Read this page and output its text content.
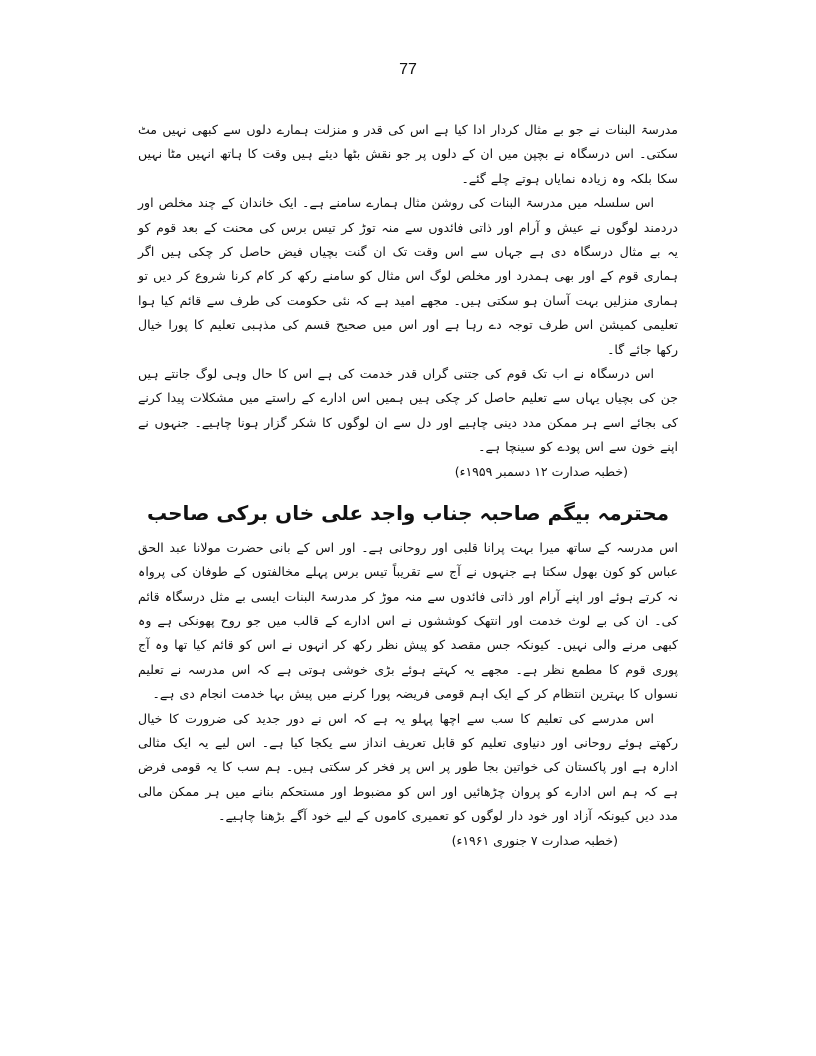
77

مدرسۃ البنات نے جو بے مثال کردار ادا کیا ہے اس کی قدر و منزلت ہمارے دلوں سے کبھی نہیں مٹ سکتی۔ اس درسگاہ نے بچپن میں ان کے دلوں پر جو نقش بٹھا دیئے ہیں وقت کا ہاتھ انہیں مٹا نہیں سکا بلکہ وہ زیادہ نمایاں ہوتے چلے گئے۔

اس سلسلہ میں مدرسۃ البنات کی روشن مثال ہمارے سامنے ہے۔ ایک خاندان کے چند مخلص اور دردمند لوگوں نے عیش و آرام اور ذاتی فائدوں سے منہ توڑ کر تیس برس کی محنت کے بعد قوم کو یہ بے مثال درسگاہ دی ہے جہاں سے اس وقت تک ان گنت بچیاں فیض حاصل کر چکی ہیں اگر ہماری قوم کے اور بھی ہمدرد اور مخلص لوگ اس مثال کو سامنے رکھ کر کام کرنا شروع کر دیں تو ہماری منزلیں بہت آسان ہو سکتی ہیں۔ مجھے امید ہے کہ نئی حکومت کی طرف سے قائم کیا ہوا تعلیمی کمیشن اس طرف توجہ دے رہا ہے اور اس میں صحیح قسم کی مذہبی تعلیم کا پورا خیال رکھا جائے گا۔

اس درسگاہ نے اب تک قوم کی جتنی گراں قدر خدمت کی ہے اس کا حال وہی لوگ جانتے ہیں جن کی بچیاں یہاں سے تعلیم حاصل کر چکی ہیں ہمیں اس ادارے کے راستے میں مشکلات پیدا کرنے کی بجائے اسے ہر ممکن مدد دینی چاہیے اور دل سے ان لوگوں کا شکر گزار ہونا چاہیے۔ جنہوں نے اپنے خون سے اس پودے کو سینچا ہے۔

(خطبہ صدارت ۱۲ دسمبر ۱۹۵۹ء)

محترمہ بیگم صاحبہ جناب واجد علی خاں برکی صاحب

اس مدرسہ کے ساتھ میرا بہت پرانا قلبی اور روحانی ہے۔ اور اس کے بانی حضرت مولانا عبد الحق عباس کو کون بھول سکتا ہے جنہوں نے آج سے تقریباً تیس برس پہلے مخالفتوں کے طوفان کی پرواہ نہ کرتے ہوئے اور اپنے آرام اور ذاتی فائدوں سے منہ موڑ کر مدرسۃ البنات ایسی بے مثل درسگاہ قائم کی۔ ان کی بے لوث خدمت اور انتھک کوششوں نے اس ادارے کے قالب میں جو روح پھونکی ہے وہ کبھی مرنے والی نہیں۔ کیونکہ جس مقصد کو پیش نظر رکھ کر انہوں نے اس کو قائم کیا تھا وہ آج پوری قوم کا مطمع نظر ہے۔ مجھے یہ کہتے ہوئے بڑی خوشی ہوتی ہے کہ اس مدرسہ نے تعلیم نسواں کا بہترین انتظام کر کے ایک اہم قومی فریضہ پورا کرنے میں پیش بہا خدمت انجام دی ہے۔

اس مدرسے کی تعلیم کا سب سے اچھا پہلو یہ ہے کہ اس نے دور جدید کی ضرورت کا خیال رکھتے ہوئے روحانی اور دنیاوی تعلیم کو قابل تعریف انداز سے یکجا کیا ہے۔ اس لیے یہ ایک مثالی ادارہ ہے اور پاکستان کی خواتین بجا طور پر اس پر فخر کر سکتی ہیں۔ ہم سب کا یہ قومی فرض ہے کہ ہم اس ادارے کو پروان چڑھائیں اور اس کو مضبوط اور مستحکم بنانے میں ہر ممکن مالی مدد دیں کیونکہ آزاد اور خود دار لوگوں کو تعمیری کاموں کے لیے خود آگے بڑھنا چاہیے۔

(خطبہ صدارت ۷ جنوری ۱۹۶۱ء)
